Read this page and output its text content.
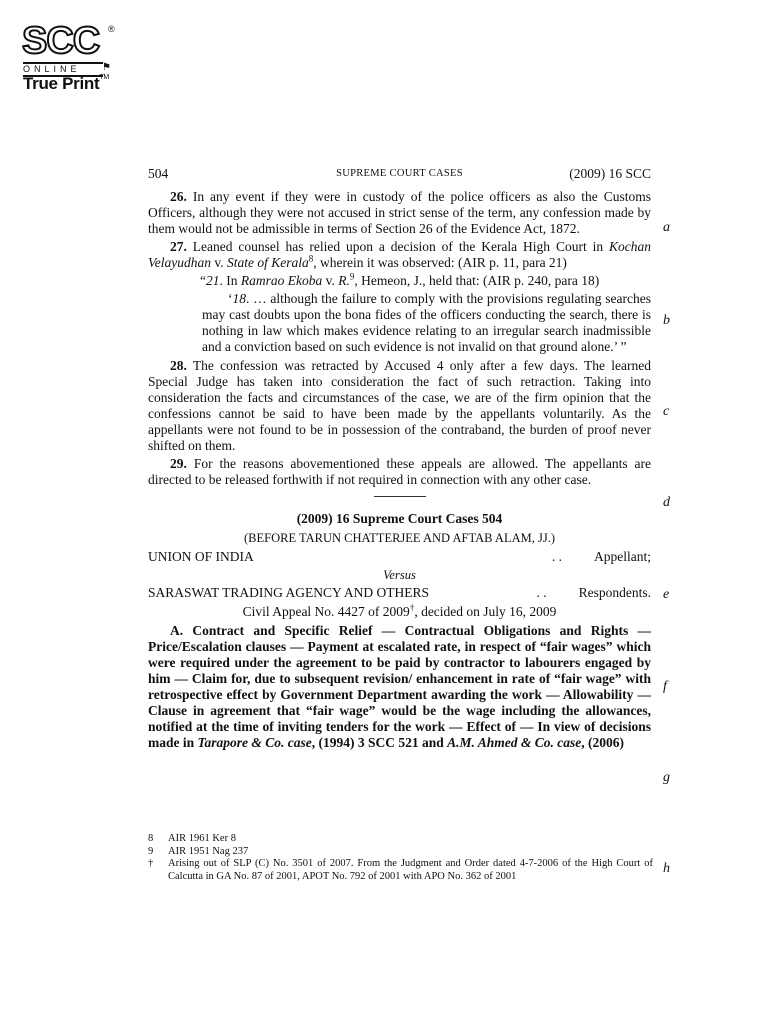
SCC ®
ONLINE	⚑
True Print™
504	SUPREME COURT CASES	(2009) 16 SCC

26. In any event if they were in custody of the police officers as also the Customs Officers, although they were not accused in strict sense of the term, any confession made by them would not be admissible in terms of Section 26 of the Evidence Act, 1872.

27. Leaned counsel has relied upon a decision of the Kerala High Court in Kochan Velayudhan v. State of Kerala$^8$, wherein it was observed: (AIR p. 11, para 21)

“21. In Ramrao Ekoba v. R.$^9$, Hemeon, J., held that: (AIR p. 240, para 18)

‘18. … although the failure to comply with the provisions regulating searches may cast doubts upon the bona fides of the officers conducting the search, there is nothing in law which makes evidence relating to an irregular search inadmissible and a conviction based on such evidence is not invalid on that ground alone.’ ”

28. The confession was retracted by Accused 4 only after a few days. The learned Special Judge has taken into consideration the fact of such retraction. Taking into consideration the facts and circumstances of the case, we are of the firm opinion that the confessions cannot be said to have been made by the appellants voluntarily. As the appellants were not found to be in possession of the contraband, the burden of proof never shifted on them.

29. For the reasons abovementioned these appeals are allowed. The appellants are directed to be released forthwith if not required in connection with any other case.

(2009) 16 Supreme Court Cases 504

(BEFORE TARUN CHATTERJEE AND AFTAB ALAM, JJ.)

UNION OF INDIA	. . Appellant;

Versus

SARASWAT TRADING AGENCY AND OTHERS	. . Respondents.

Civil Appeal No. 4427 of 2009†, decided on July 16, 2009

A. Contract and Specific Relief — Contractual Obligations and Rights — Price/Escalation clauses — Payment at escalated rate, in respect of “fair wages” which were required under the agreement to be paid by contractor to labourers engaged by him — Claim for, due to subsequent revision/ enhancement in rate of “fair wage” with retrospective effect by Government Department awarding the work — Allowability — Clause in agreement that “fair wage” would be the wage including the allowances, notified at the time of inviting tenders for the work — Effect of — In view of decisions made in Tarapore & Co. case, (1994) 3 SCC 521 and A.M. Ahmed & Co. case, (2006)

8	AIR 1961 Ker 8
9	AIR 1951 Nag 237
†	Arising out of SLP (C) No. 3501 of 2007. From the Judgment and Order dated 4-7-2006 of the High Court of Calcutta in GA No. 87 of 2001, APOT No. 792 of 2001 with APO No. 362 of 2001
a
b
c
d
e
f
g
h
